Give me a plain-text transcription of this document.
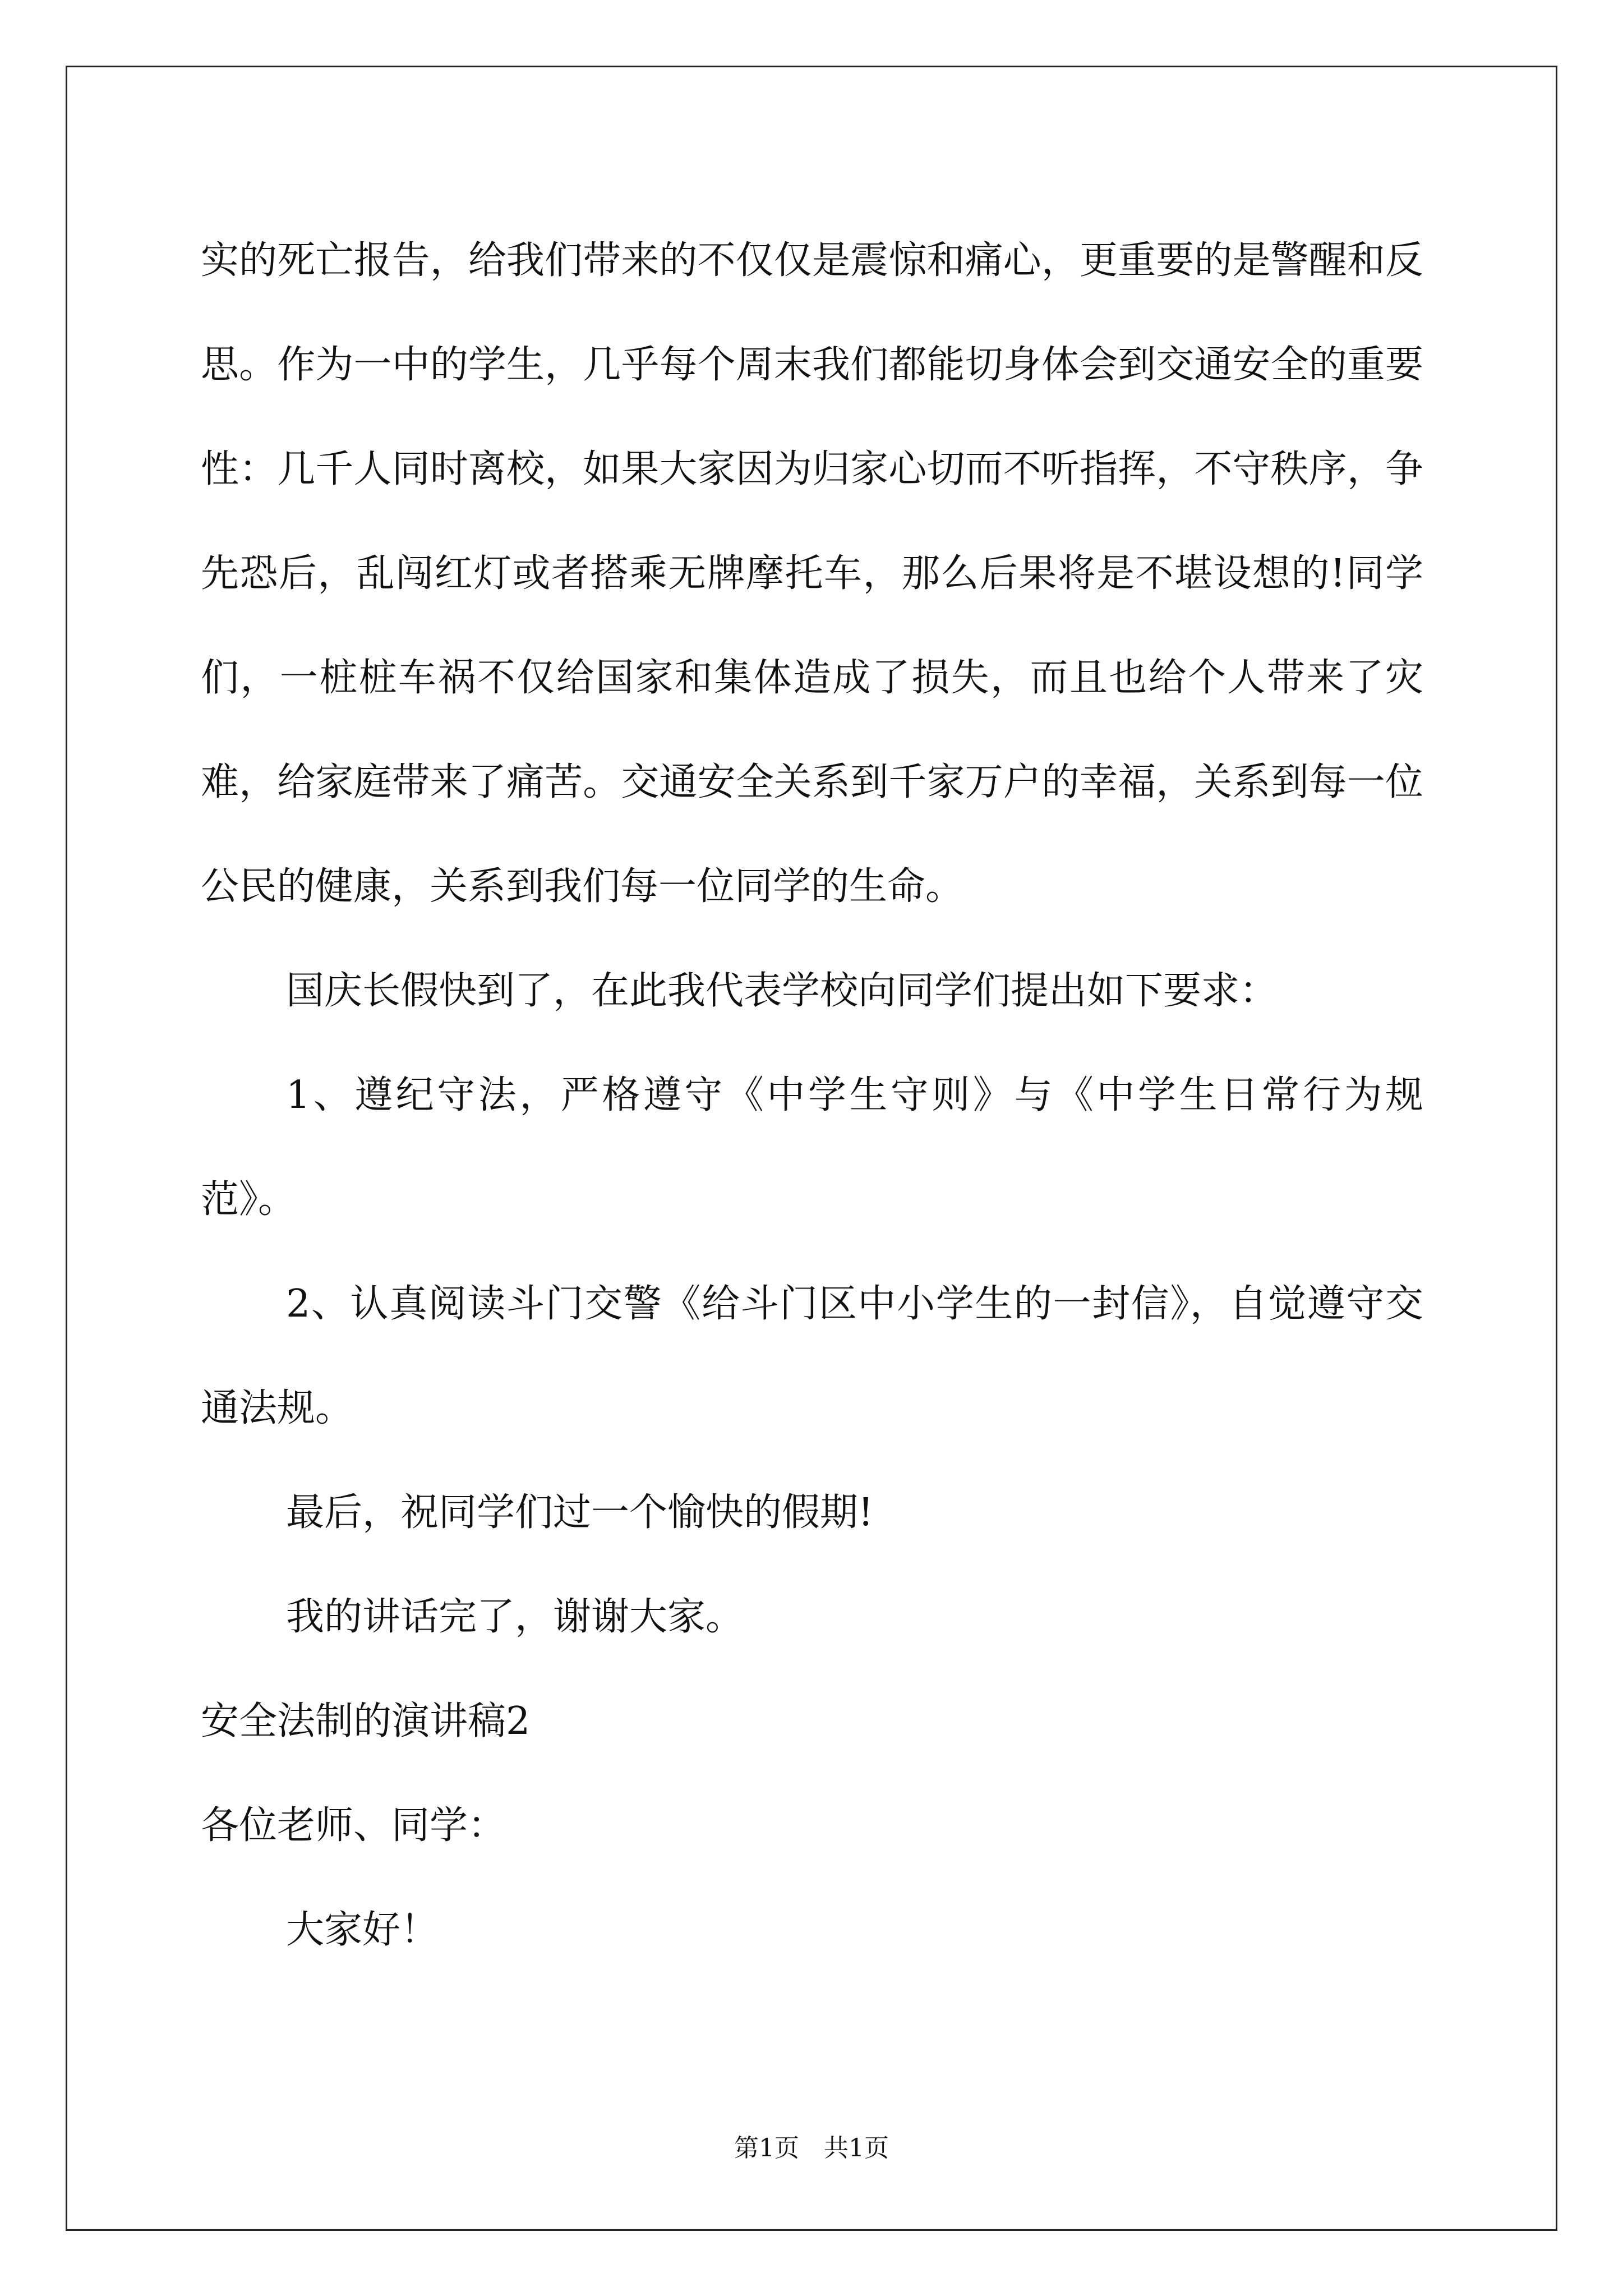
实的死亡报告，给我们带来的不仅仅是震惊和痛心，更重要的是警醒和反思。作为一中的学生，几乎每个周末我们都能切身体会到交通安全的重要性：几千人同时离校，如果大家因为归家心切而不听指挥，不守秩序，争先恐后，乱闯红灯或者搭乘无牌摩托车，那么后果将是不堪设想的!同学们，一桩桩车祸不仅给国家和集体造成了损失，而且也给个人带来了灾难，给家庭带来了痛苦。交通安全关系到千家万户的幸福，关系到每一位公民的健康，关系到我们每一位同学的生命。

国庆长假快到了，在此我代表学校向同学们提出如下要求：

1、遵纪守法，严格遵守《中学生守则》与《中学生日常行为规范》。

2、认真阅读斗门交警《给斗门区中小学生的一封信》，自觉遵守交通法规。

最后，祝同学们过一个愉快的假期!

我的讲话完了，谢谢大家。

安全法制的演讲稿2

各位老师、同学：

大家好！

第1页　共1页
